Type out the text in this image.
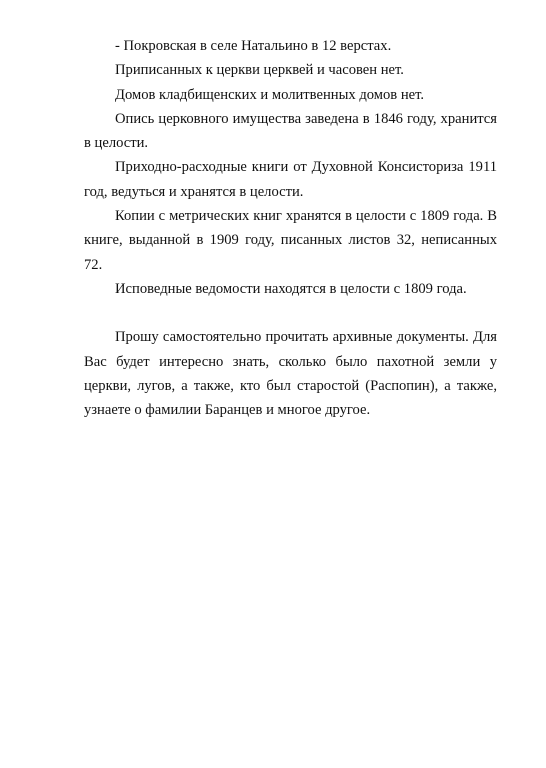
- Покровская в селе Натальино в 12 верстах.

Приписанных к церкви церквей и часовен нет.

Домов кладбищенских и молитвенных домов нет.

Опись церковного имущества заведена в 1846 году, хранится в целости.

Приходно-расходные книги от Духовной Консисториза 1911 год, ведуться и хранятся в целости.

Копии с метрических книг хранятся в целости с 1809 года. В книге, выданной в 1909 году, писанных листов 32, неписанных 72.

Исповедные ведомости находятся в целости с 1809 года.

Прошу самостоятельно прочитать архивные документы. Для Вас будет интересно знать, сколько было пахотной земли у церкви, лугов, а также, кто был старостой (Распопин), а также, узнаете о фамилии Баранцев и многое другое.
